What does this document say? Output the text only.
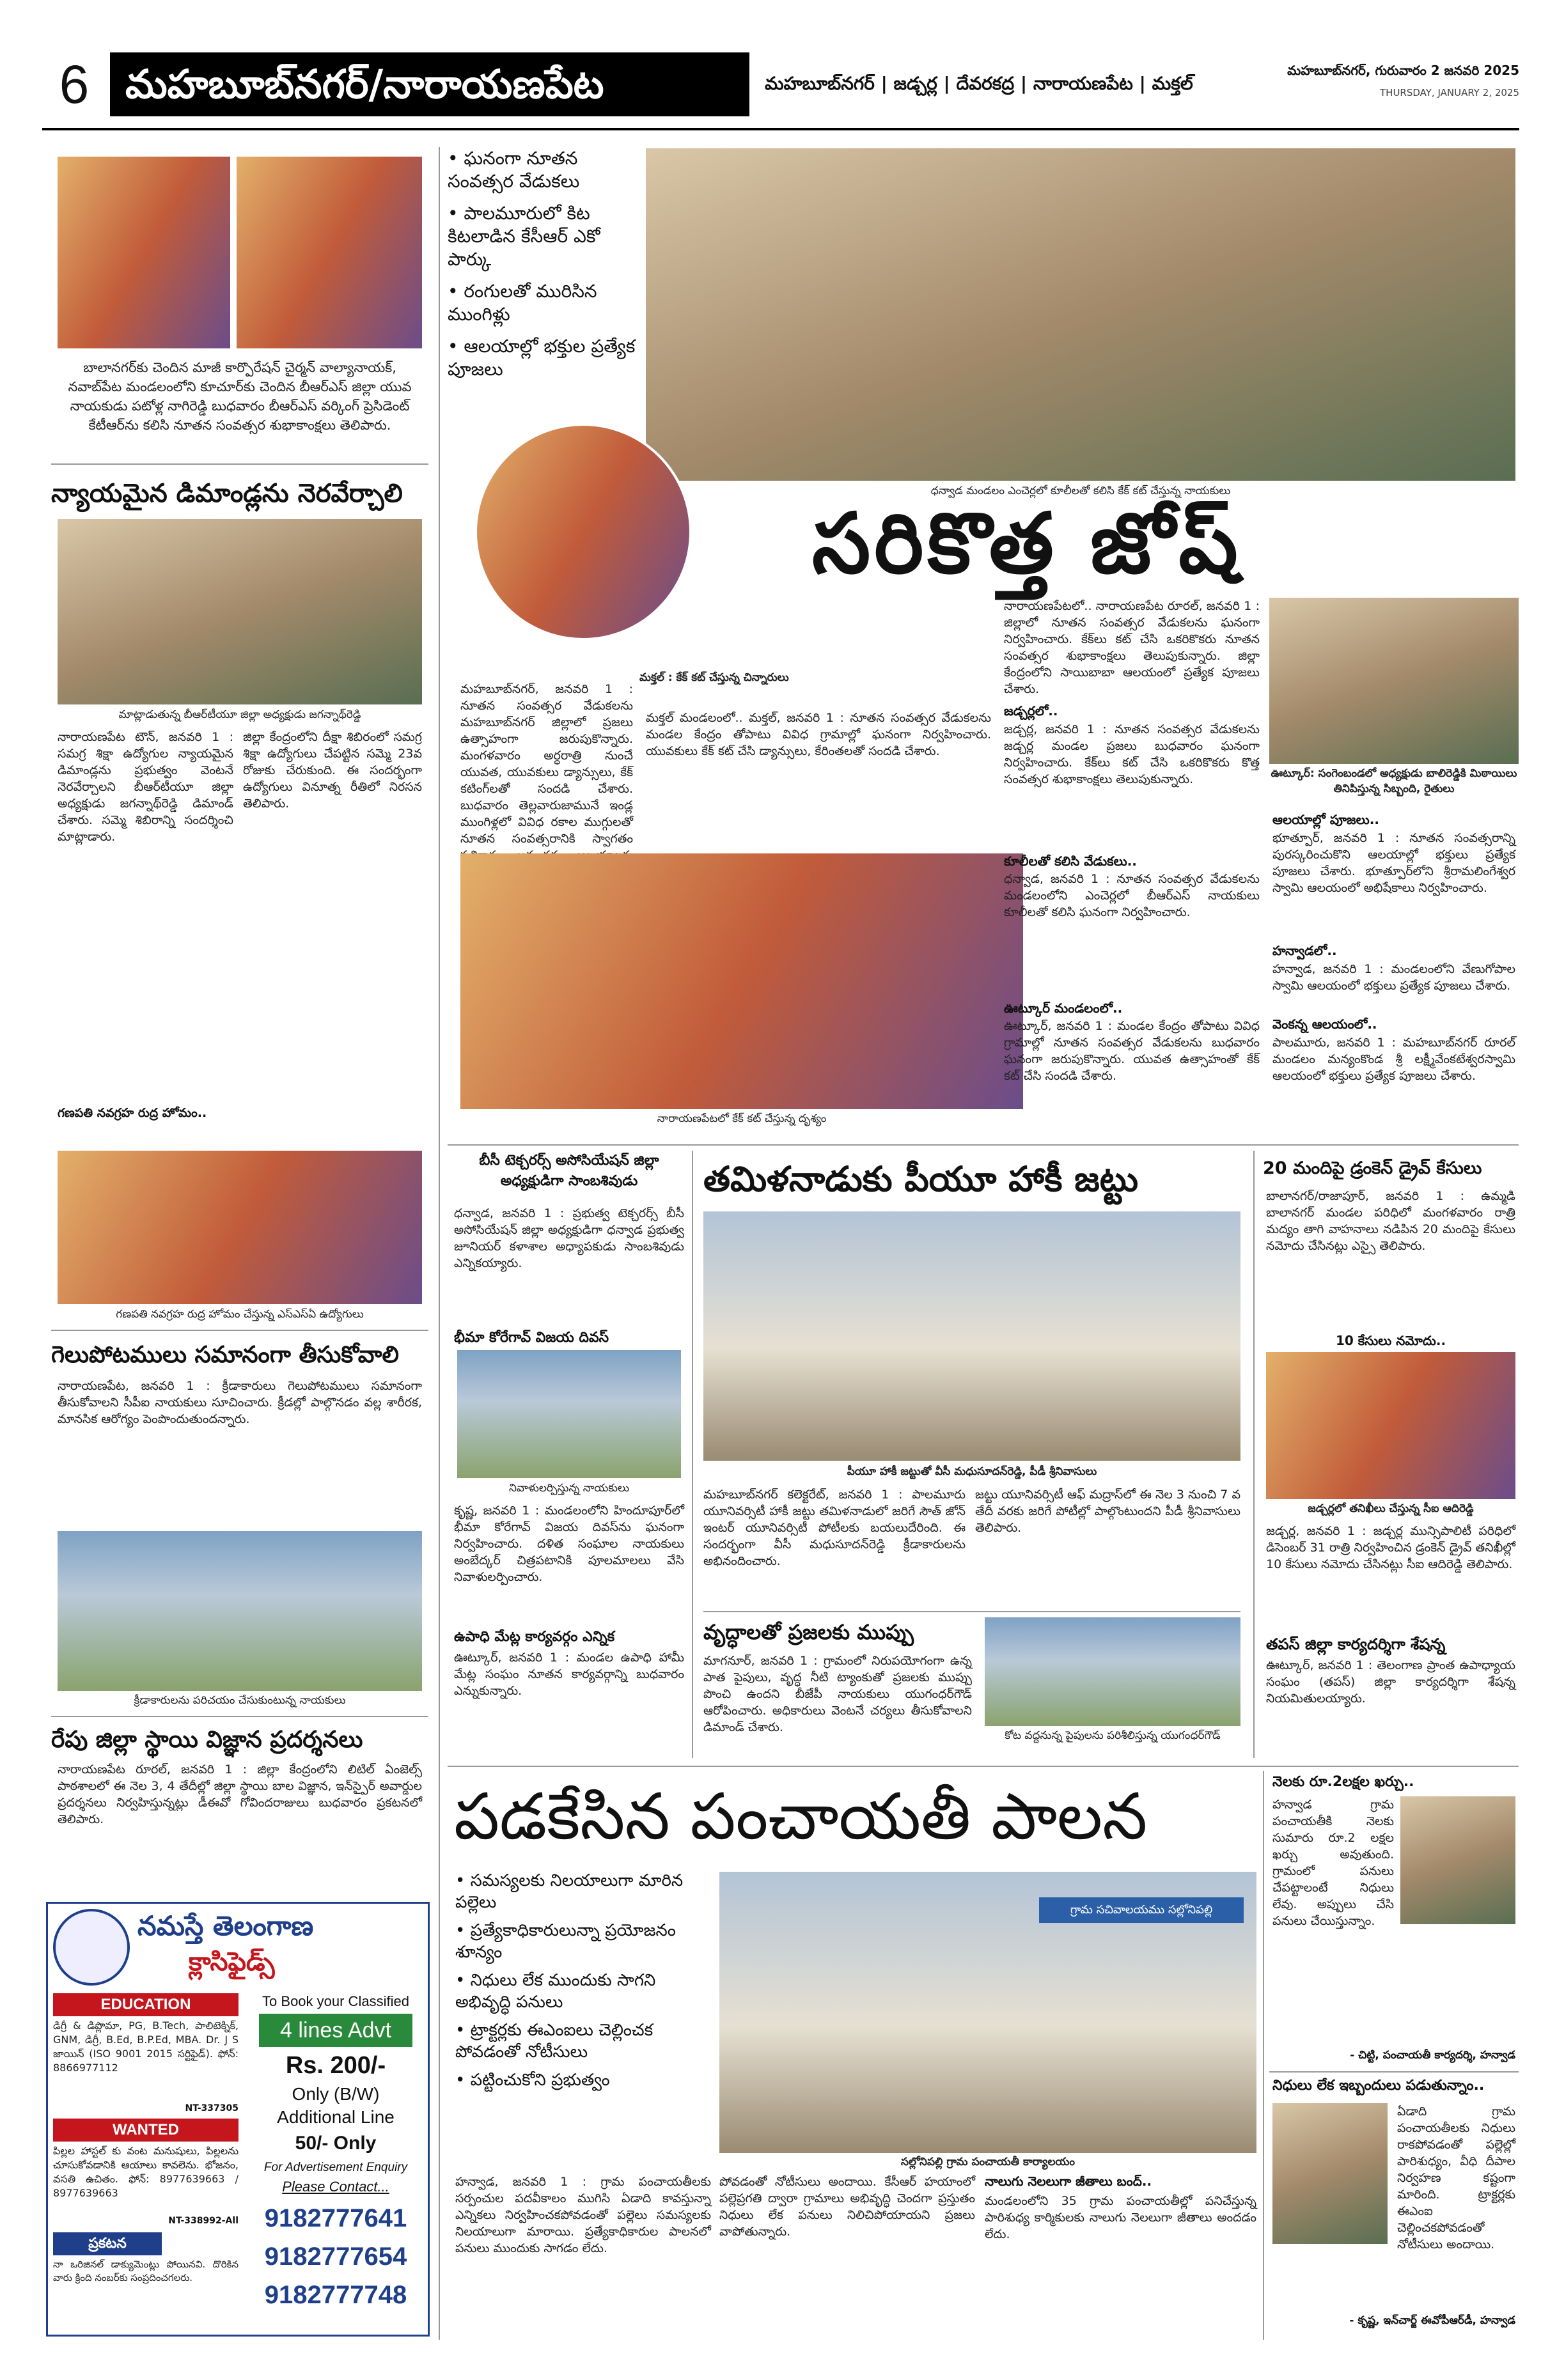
6 మహబూబ్‌నగర్/నారాయణపేట	మహబూబ్‌నగర్ | జడ్చర్ల | దేవరకద్ర | నారాయణపేట | మక్తల్
మహబూబ్‌నగర్, గురువారం 2 జనవరి 2025
THURSDAY, JANUARY 2, 2025
బాలానగర్‌కు చెందిన మాజీ కార్పొరేషన్ చైర్మన్ వాల్యానాయక్, నవాబ్‌పేట మండలంలోని కూచూర్‌కు చెందిన బీఆర్ఎస్ జిల్లా యువ నాయకుడు పటోళ్ల నాగిరెడ్డి బుధవారం బీఆర్ఎస్ వర్కింగ్ ప్రెసిడెంట్ కేటీఆర్‌ను కలిసి నూతన సంవత్సర శుభాకాంక్షలు తెలిపారు.
న్యాయమైన డిమాండ్లను నెరవేర్చాలి
మాట్లాడుతున్న బీఆర్‌టీయూ జిల్లా అధ్యక్షుడు జగన్నాథ్‌రెడ్డి
నారాయణపేట టౌన్, జనవరి 1 : సమగ్ర శిక్షా ఉద్యోగుల న్యాయమైన డిమాండ్లను ప్రభుత్వం వెంటనే నెరవేర్చాలని బీఆర్‌టీయూ జిల్లా అధ్యక్షుడు జగన్నాథ్‌రెడ్డి డిమాండ్ చేశారు. సమ్మె శిబిరాన్ని సందర్శించి మాట్లాడారు.
జిల్లా కేంద్రంలోని దీక్షా శిబిరంలో సమగ్ర శిక్షా ఉద్యోగులు చేపట్టిన సమ్మె 23వ రోజుకు చేరుకుంది. ఈ సందర్భంగా ఉద్యోగులు వినూత్న రీతిలో నిరసన తెలిపారు.
గణపతి నవగ్రహ రుద్ర హోమం..
గణపతి నవగ్రహ రుద్ర హోమం చేస్తున్న ఎస్ఎస్ఏ ఉద్యోగులు
గెలుపోటములు సమానంగా తీసుకోవాలి
నారాయణపేట, జనవరి 1 : క్రీడాకారులు గెలుపోటములు సమానంగా తీసుకోవాలని సీపీఐ నాయకులు సూచించారు. క్రీడల్లో పాల్గొనడం వల్ల శారీరక, మానసిక ఆరోగ్యం పెంపొందుతుందన్నారు.
క్రీడాకారులను పరిచయం చేసుకుంటున్న నాయకులు
రేపు జిల్లా స్థాయి విజ్ఞాన ప్రదర్శనలు
నారాయణపేట రూరల్, జనవరి 1 : జిల్లా కేంద్రంలోని లిటిల్ ఏంజెల్స్ పాఠశాలలో ఈ నెల 3, 4 తేదీల్లో జిల్లా స్థాయి బాల విజ్ఞాన, ఇన్‌స్పైర్ అవార్డుల ప్రదర్శనలు నిర్వహిస్తున్నట్లు డీఈవో గోవిందరాజులు బుధవారం ప్రకటనలో తెలిపారు.
నమస్తే తెలంగాణ
క్లాసిఫైడ్స్
EDUCATION
డిగ్రీ & డిప్లొమా, PG, B.Tech, పాలిటెక్నిక్, GNM, డిగ్రీ, B.Ed, B.P.Ed, MBA. Dr. J S జాయిన్ (ISO 9001 2015 సర్టిఫైడ్). ఫోన్: 8866977112
NT-337305
WANTED
పిల్లల హాస్టల్ కు వంట మనుషులు, పిల్లలను చూసుకోవడానికి ఆయాలు కావలెను. భోజనం, వసతి ఉచితం. ఫోన్: 8977639663 / 8977639663
NT-338992-All
ప్రకటన
నా ఒరిజినల్ డాక్యుమెంట్లు పోయినవి. దొరికిన వారు క్రింది నంబర్‌కు సంప్రదించగలరు.
To Book your Classified
4 lines Advt
Rs. 200/-
Only (B/W)
Additional Line
50/- Only
For Advertisement Enquiry
Please Contact...
9182777641
9182777654
9182777748
• ఘనంగా నూతన సంవత్సర వేడుకలు
• పాలమూరులో కిట కిటలాడిన కేసీఆర్ ఎకో పార్కు
• రంగులతో మురిసిన ముంగిళ్లు
• ఆలయాల్లో భక్తుల ప్రత్యేక పూజలు
ధన్వాడ మండలం ఎంచెర్లలో కూలీలతో కలిసి కేక్ కట్ చేస్తున్న నాయకులు
సరికొత్త జోష్
మక్తల్ : కేక్ కట్ చేస్తున్న చిన్నారులు
మహబూబ్‌నగర్, జనవరి 1 : నూతన సంవత్సర వేడుకలను మహబూబ్‌నగర్ జిల్లాలో ప్రజలు ఉత్సాహంగా జరుపుకొన్నారు. మంగళవారం అర్ధరాత్రి నుంచే యువత, యువకులు డ్యాన్సులు, కేక్ కటింగ్‌లతో సందడి చేశారు. బుధవారం తెల్లవారుజామునే ఇండ్ల ముంగిళ్లలో వివిధ రకాల ముగ్గులతో నూతన సంవత్సరానికి స్వాగతం
మక్తల్ మండలంలో.. మక్తల్, జనవరి 1 : నూతన సంవత్సర వేడుకలను మండల కేంద్రం తోపాటు వివిధ గ్రామాల్లో ఘనంగా నిర్వహించారు. యువకులు కేక్ కట్ చేసి డ్యాన్సులు, కేరింతలతో సందడి చేశారు.
నారాయణపేటలో కేక్ కట్ చేస్తున్న దృశ్యం
నారాయణపేటలో.. నారాయణపేట రూరల్, జనవరి 1 : జిల్లాలో నూతన సంవత్సర వేడుకలను ఘనంగా నిర్వహించారు. కేక్‌లు కట్ చేసి ఒకరికొకరు నూతన సంవత్సర శుభాకాంక్షలు తెలుపుకున్నారు. జిల్లా కేంద్రంలోని సాయిబాబా ఆలయంలో ప్రత్యేక పూజలు చేశారు.
జడ్చర్లలో..
జడ్చర్ల, జనవరి 1 : నూతన సంవత్సర వేడుకలను జడ్చర్ల మండల ప్రజలు బుధవారం ఘనంగా నిర్వహించారు. కేక్‌లు కట్ చేసి ఒకరికొకరు కొత్త సంవత్సర శుభాకాంక్షలు తెలుపుకున్నారు.
కూలీలతో కలిసి వేడుకలు..
ధన్వాడ, జనవరి 1 : నూతన సంవత్సర వేడుకలను మండలంలోని ఎంచెర్లలో బీఆర్ఎస్ నాయకులు కూలీలతో కలిసి ఘనంగా నిర్వహించారు.
ఊట్కూర్ మండలంలో..
ఊట్కూర్, జనవరి 1 : మండల కేంద్రం తోపాటు వివిధ గ్రామాల్లో నూతన సంవత్సర వేడుకలను బుధవారం ఘనంగా జరుపుకొన్నారు. యువత ఉత్సాహంతో కేక్ కట్ చేసి సందడి చేశారు.
ఊట్కూర్: సంగెంబండలో అధ్యక్షుడు బాలిరెడ్డికి మిఠాయిలు తినిపిస్తున్న సిబ్బంది, రైతులు
ఆలయాల్లో పూజలు..
భూత్పూర్, జనవరి 1 : నూతన సంవత్సరాన్ని పురస్కరించుకొని ఆలయాల్లో భక్తులు ప్రత్యేక పూజలు చేశారు. భూత్పూర్‌లోని శ్రీరామలింగేశ్వర స్వామి ఆలయంలో అభిషేకాలు నిర్వహించారు.
హన్వాడలో..
హన్వాడ, జనవరి 1 : మండలంలోని వేణుగోపాల స్వామి ఆలయంలో భక్తులు ప్రత్యేక పూజలు చేశారు.
వెంకన్న ఆలయంలో..
పాలమూరు, జనవరి 1 : మహబూబ్‌నగర్ రూరల్ మండలం మన్యంకొండ శ్రీ లక్ష్మీవేంకటేశ్వరస్వామి ఆలయంలో భక్తులు ప్రత్యేక పూజలు చేశారు.
బీసీ టెక్చరర్స్ అసోసియేషన్ జిల్లా అధ్యక్షుడిగా సాంబశివుడు
ధన్వాడ, జనవరి 1 : ప్రభుత్వ టెక్చరర్స్ బీసీ అసోసియేషన్ జిల్లా అధ్యక్షుడిగా ధన్వాడ ప్రభుత్వ జూనియర్ కళాశాల అధ్యాపకుడు సాంబశివుడు ఎన్నికయ్యారు.
భీమా కోరేగావ్ విజయ దివస్
నివాళులర్పిస్తున్న నాయకులు
కృష్ణ, జనవరి 1 : మండలంలోని హిందూపూర్‌లో భీమా కోరేగావ్ విజయ దివస్‌ను ఘనంగా నిర్వహించారు. దళిత సంఘాల నాయకులు అంబేద్కర్ చిత్రపటానికి పూలమాలలు వేసి నివాళులర్పించారు.
ఉపాధి మేట్ల కార్యవర్గం ఎన్నిక
ఊట్కూర్, జనవరి 1 : మండల ఉపాధి హామీ మేట్ల సంఘం నూతన కార్యవర్గాన్ని బుధవారం ఎన్నుకున్నారు.
తమిళనాడుకు పీయూ హాకీ జట్టు
పీయూ హాకీ జట్టుతో వీసీ మధుసూదన్‌రెడ్డి, పీడీ శ్రీనివాసులు
మహబూబ్‌నగర్ కలెక్టరేట్, జనవరి 1 : పాలమూరు యూనివర్సిటీ హాకీ జట్టు తమిళనాడులో జరిగే సౌత్ జోన్ ఇంటర్ యూనివర్సిటీ పోటీలకు బయలుదేరింది. ఈ సందర్భంగా వీసీ మధుసూదన్‌రెడ్డి క్రీడాకారులను అభినందించారు.
జట్టు యూనివర్సిటీ ఆఫ్ మద్రాస్‌లో ఈ నెల 3 నుంచి 7 వ తేదీ వరకు జరిగే పోటీల్లో పాల్గొంటుందని పీడీ శ్రీనివాసులు తెలిపారు.
వృద్ధాలతో ప్రజలకు ముప్పు
మాగనూర్, జనవరి 1 : గ్రామంలో నిరుపయోగంగా ఉన్న పాత పైపులు, వృద్ధ నీటి ట్యాంకుతో ప్రజలకు ముప్పు పొంచి ఉందని బీజేపీ నాయకులు యుగంధర్‌గౌడ్ ఆరోపించారు. అధికారులు వెంటనే చర్యలు తీసుకోవాలని డిమాండ్ చేశారు.
కోట వద్దనున్న పైపులను పరిశీలిస్తున్న యుగంధర్‌గౌడ్
20 మందిపై డ్రంకెన్ డ్రైవ్ కేసులు
బాలానగర్/రాజాపూర్, జనవరి 1 : ఉమ్మడి బాలానగర్ మండల పరిధిలో మంగళవారం రాత్రి మద్యం తాగి వాహనాలు నడిపిన 20 మందిపై కేసులు నమోదు చేసినట్లు ఎస్సై తెలిపారు.
10 కేసులు నమోదు..
జడ్చర్లలో తనిఖీలు చేస్తున్న సీఐ ఆదిరెడ్డి
జడ్చర్ల, జనవరి 1 : జడ్చర్ల మున్సిపాలిటీ పరిధిలో డిసెంబర్ 31 రాత్రి నిర్వహించిన డ్రంకెన్ డ్రైవ్ తనిఖీల్లో 10 కేసులు నమోదు చేసినట్లు సీఐ ఆదిరెడ్డి తెలిపారు.
తపస్ జిల్లా కార్యదర్శిగా శేషన్న
ఊట్కూర్, జనవరి 1 : తెలంగాణ ప్రాంత ఉపాధ్యాయ సంఘం (తపస్) జిల్లా కార్యదర్శిగా శేషన్న నియమితులయ్యారు.
పడకేసిన పంచాయతీ పాలన
• సమస్యలకు నిలయాలుగా మారిన పల్లెలు
• ప్రత్యేకాధికారులున్నా ప్రయోజనం శూన్యం
• నిధులు లేక ముందుకు సాగని అభివృద్ధి పనులు
• ట్రాక్టర్లకు ఈఎంఐలు చెల్లించక పోవడంతో నోటీసులు
• పట్టించుకోని ప్రభుత్వం
గ్రామ సచివాలయము సల్లోనిపల్లి
సల్లోనిపల్లి గ్రామ పంచాయతీ కార్యాలయం
హన్వాడ, జనవరి 1 : గ్రామ పంచాయతీలకు సర్పంచుల పదవీకాలం ముగిసి ఏడాది కావస్తున్నా ఎన్నికలు నిర్వహించకపోవడంతో పల్లెలు సమస్యలకు నిలయాలుగా మారాయి. ప్రత్యేకాధికారుల పాలనలో పనులు ముందుకు సాగడం లేదు.
పోవడంతో నోటీసులు అందాయి. కేసీఆర్ హయాంలో పల్లెప్రగతి ద్వారా గ్రామాలు అభివృద్ధి చెందగా ప్రస్తుతం నిధులు లేక పనులు నిలిచిపోయాయని ప్రజలు వాపోతున్నారు.
నాలుగు నెలలుగా జీతాలు బంద్..
మండలంలోని 35 గ్రామ పంచాయతీల్లో పనిచేస్తున్న పారిశుధ్య కార్మికులకు నాలుగు నెలలుగా జీతాలు అందడం లేదు.
నెలకు రూ.2లక్షల ఖర్చు..
హన్వాడ గ్రామ పంచాయతీకి నెలకు సుమారు రూ.2 లక్షల ఖర్చు అవుతుంది. గ్రామంలో పనులు చేపట్టాలంటే నిధులు లేవు. అప్పులు చేసి పనులు చేయిస్తున్నాం.
- చిట్టి, పంచాయతీ కార్యదర్శి, హన్వాడ
నిధులు లేక ఇబ్బందులు పడుతున్నాం..
ఏడాది గ్రామ పంచాయతీలకు నిధులు రాకపోవడంతో పల్లెల్లో పారిశుధ్యం, వీధి దీపాల నిర్వహణ కష్టంగా మారింది. ట్రాక్టర్లకు ఈఎంఐ చెల్లించకపోవడంతో నోటీసులు అందాయి.
- కృష్ణ, ఇన్‌చార్జ్ ఈవోపీఆర్‌డీ, హన్వాడ
